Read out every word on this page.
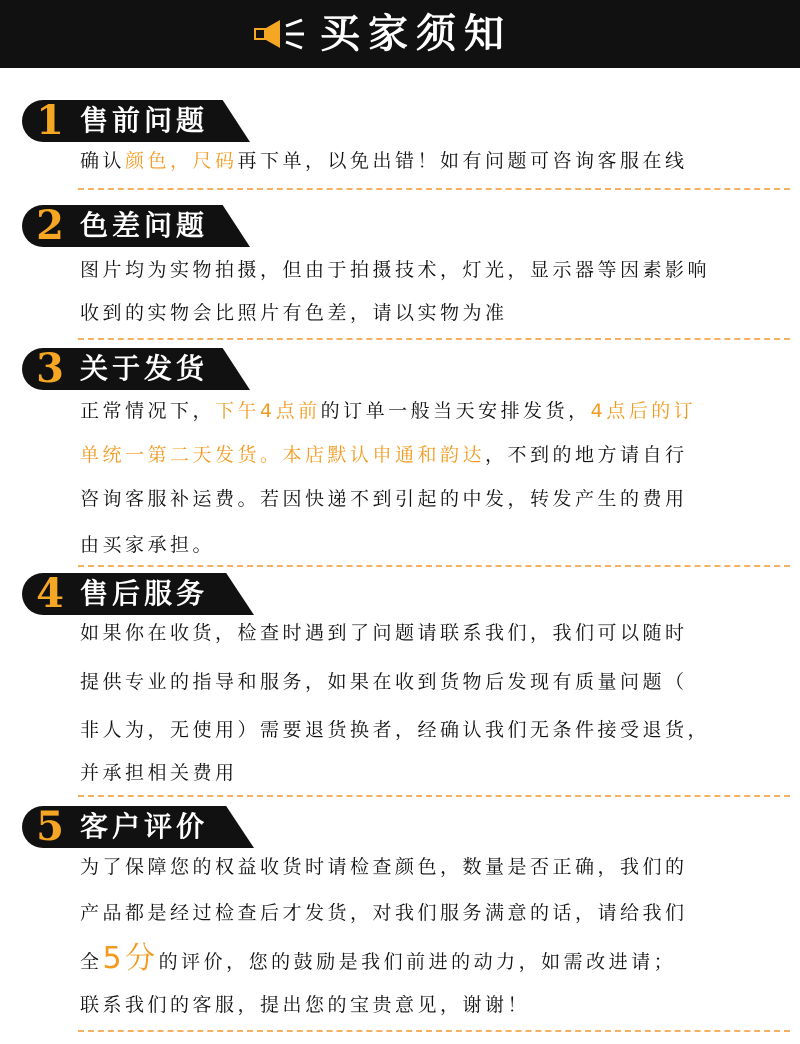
买家须知
1 售前问题
确认颜色，尺码再下单，以免出错！如有问题可咨询客服在线
2 色差问题
图片均为实物拍摄，但由于拍摄技术，灯光，显示器等因素影响
收到的实物会比照片有色差，请以实物为准
3 关于发货
正常情况下，下午4点前的订单一般当天安排发货，4点后的订
单统一第二天发货。本店默认申通和韵达，不到的地方请自行
咨询客服补运费。若因快递不到引起的中发，转发产生的费用
由买家承担。
4 售后服务
如果你在收货，检查时遇到了问题请联系我们，我们可以随时
提供专业的指导和服务，如果在收到货物后发现有质量问题（
非人为，无使用）需要退货换者，经确认我们无条件接受退货，
并承担相关费用
5 客户评价
为了保障您的权益收货时请检查颜色，数量是否正确，我们的
产品都是经过检查后才发货，对我们服务满意的话，请给我们
全5分的评价，您的鼓励是我们前进的动力，如需改进请；
联系我们的客服，提出您的宝贵意见，谢谢！
